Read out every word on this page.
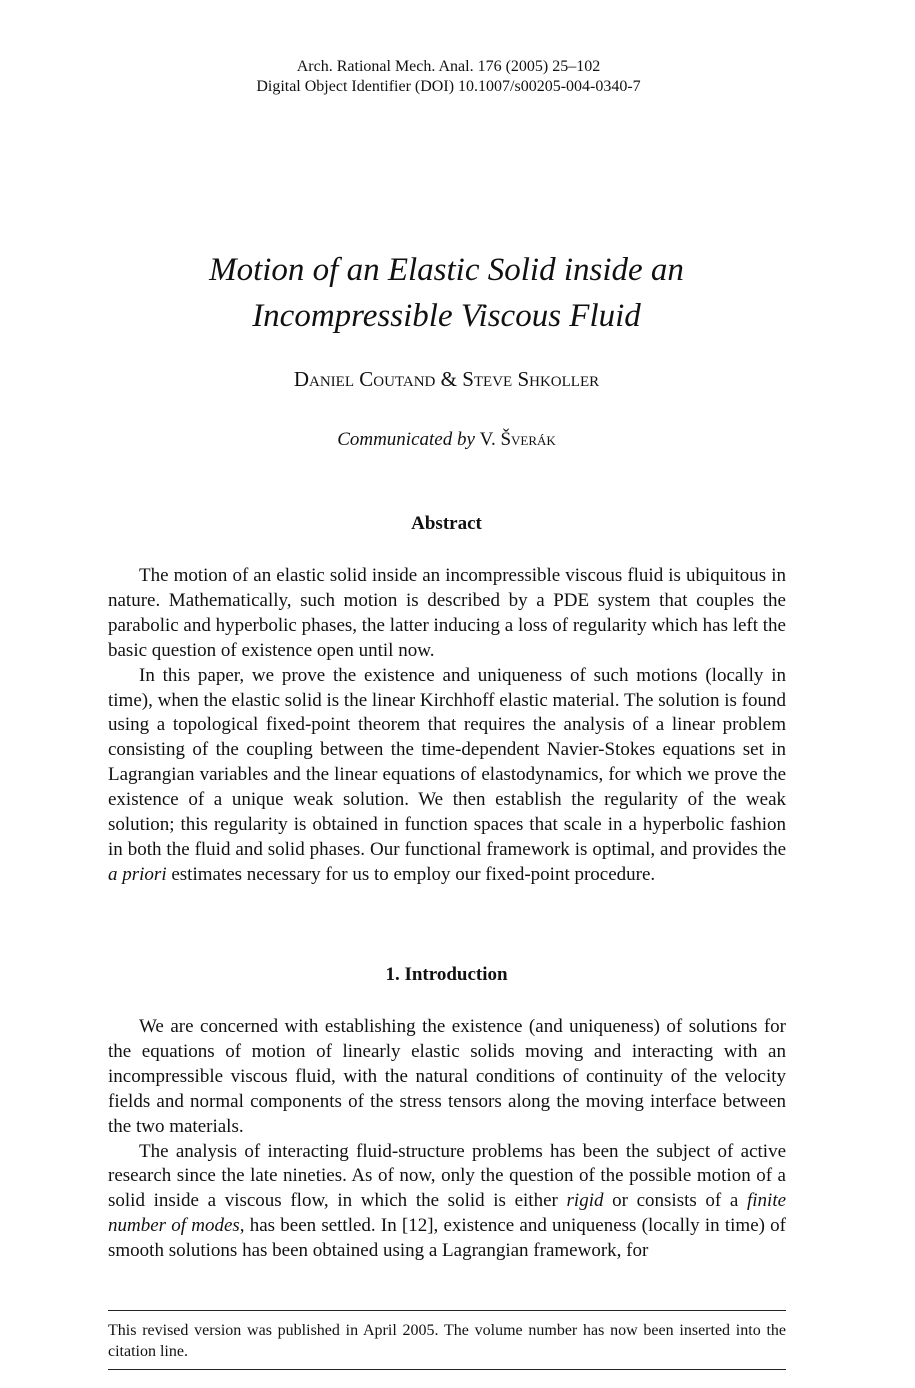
Arch. Rational Mech. Anal. 176 (2005) 25–102
Digital Object Identifier (DOI) 10.1007/s00205-004-0340-7
Motion of an Elastic Solid inside an
Incompressible Viscous Fluid
Daniel Coutand & Steve Shkoller
Communicated by V. Šverák
Abstract

The motion of an elastic solid inside an incompressible viscous fluid is ubiquitous in nature. Mathematically, such motion is described by a PDE system that couples the parabolic and hyperbolic phases, the latter inducing a loss of regularity which has left the basic question of existence open until now.

In this paper, we prove the existence and uniqueness of such motions (locally in time), when the elastic solid is the linear Kirchhoff elastic material. The solution is found using a topological fixed-point theorem that requires the analysis of a linear problem consisting of the coupling between the time-dependent Navier-Stokes equations set in Lagrangian variables and the linear equations of elastodynamics, for which we prove the existence of a unique weak solution. We then establish the regularity of the weak solution; this regularity is obtained in function spaces that scale in a hyperbolic fashion in both the fluid and solid phases. Our functional framework is optimal, and provides the a priori estimates necessary for us to employ our fixed-point procedure.

1. Introduction

We are concerned with establishing the existence (and uniqueness) of solutions for the equations of motion of linearly elastic solids moving and interacting with an incompressible viscous fluid, with the natural conditions of continuity of the velocity fields and normal components of the stress tensors along the moving interface between the two materials.

The analysis of interacting fluid-structure problems has been the subject of active research since the late nineties. As of now, only the question of the possible motion of a solid inside a viscous flow, in which the solid is either rigid or consists of a finite number of modes, has been settled. In [12], existence and uniqueness (locally in time) of smooth solutions has been obtained using a Lagrangian framework, for

This revised version was published in April 2005. The volume number has now been inserted into the citation line.
